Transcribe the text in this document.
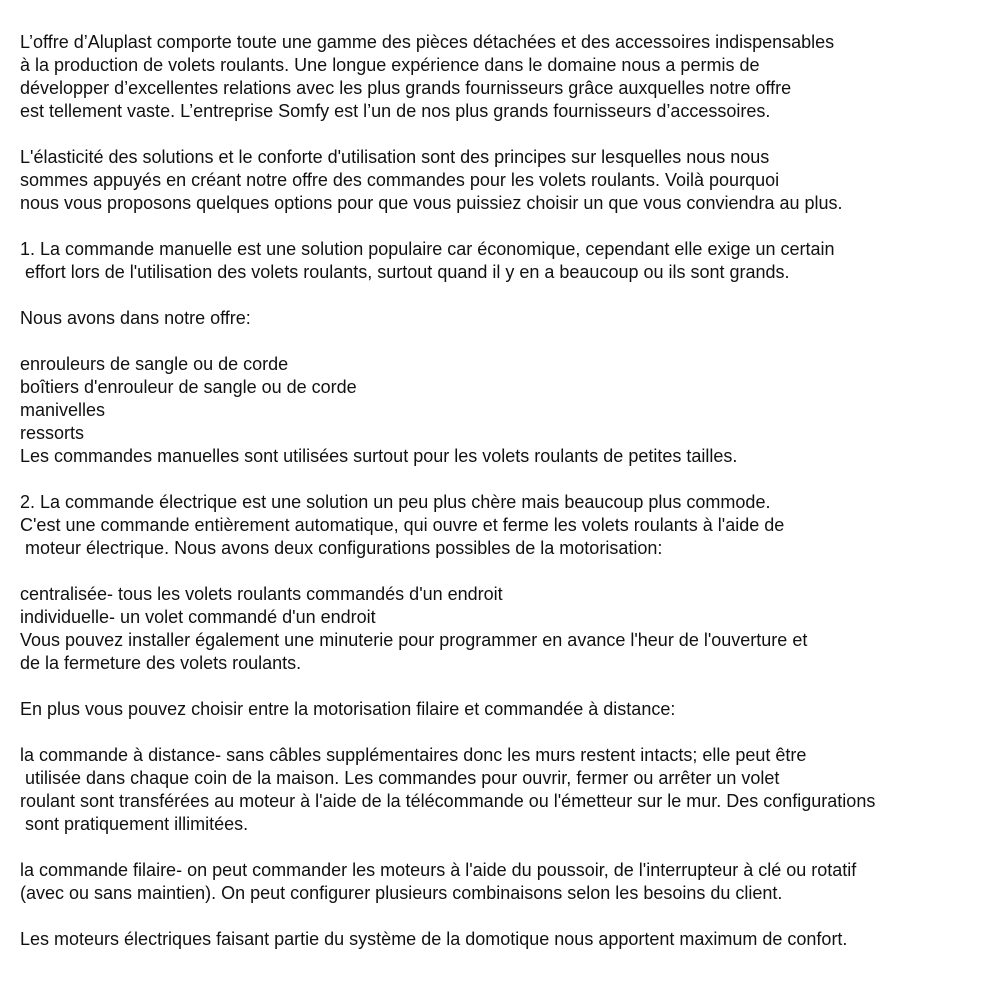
L’offre d’Aluplast comporte toute une gamme des pièces détachées et des accessoires indispensables
à la production de volets roulants. Une longue expérience dans le domaine nous a permis de
développer d’excellentes relations avec les plus grands fournisseurs grâce auxquelles notre offre
est tellement vaste. L’entreprise Somfy est l’un de nos plus grands fournisseurs d’accessoires.
L'élasticité des solutions et le conforte d'utilisation sont des principes sur lesquelles nous nous
sommes appuyés en créant notre offre des commandes pour les volets roulants. Voilà pourquoi
nous vous proposons quelques options pour que vous puissiez choisir un que vous conviendra au plus.
1. La commande manuelle est une solution populaire car économique, cependant elle exige un certain
effort lors de l'utilisation des volets roulants, surtout quand il y en a beaucoup ou ils sont grands.
Nous avons dans notre offre:
enrouleurs de sangle ou de corde
boîtiers d'enrouleur de sangle ou de corde
manivelles
ressorts
Les commandes manuelles sont utilisées surtout pour les volets roulants de petites tailles.
2. La commande électrique est une solution un peu plus chère mais beaucoup plus commode.
C'est une commande entièrement automatique, qui ouvre et ferme les volets roulants à l'aide de
moteur électrique. Nous avons deux configurations possibles de la motorisation:
centralisée- tous les volets roulants commandés d'un endroit
individuelle- un volet commandé d'un endroit
Vous pouvez installer également une minuterie pour programmer en avance l'heur de l'ouverture et
de la fermeture des volets roulants.
En plus vous pouvez choisir entre la motorisation filaire et commandée à distance:
la commande à distance- sans câbles supplémentaires donc les murs restent intacts; elle peut être
utilisée dans chaque coin de la maison. Les commandes pour ouvrir, fermer ou arrêter un volet
roulant sont transférées au moteur à l'aide de la télécommande ou l'émetteur sur le mur. Des configurations
sont pratiquement illimitées.
la commande filaire- on peut commander les moteurs à l'aide du poussoir, de l'interrupteur à clé ou rotatif
(avec ou sans maintien). On peut configurer plusieurs combinaisons selon les besoins du client.
Les moteurs électriques faisant partie du système de la domotique nous apportent maximum de confort.
